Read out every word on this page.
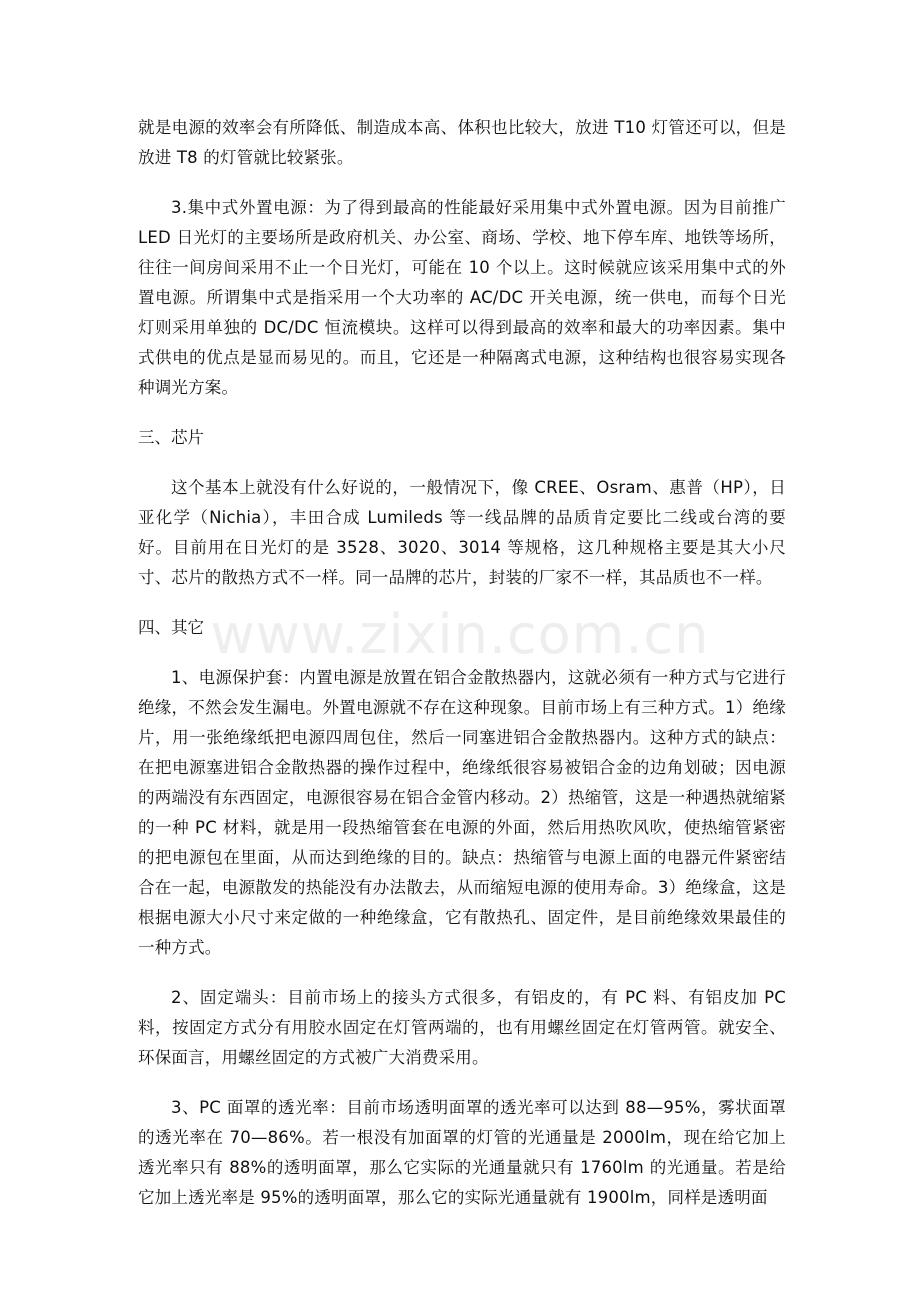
就是电源的效率会有所降低、制造成本高、体积也比较大，放进 T10 灯管还可以，但是放进 T8 的灯管就比较紧张。

3.集中式外置电源：为了得到最高的性能最好采用集中式外置电源。因为目前推广 LED 日光灯的主要场所是政府机关、办公室、商场、学校、地下停车库、地铁等场所，往往一间房间采用不止一个日光灯，可能在 10 个以上。这时候就应该采用集中式的外置电源。所谓集中式是指采用一个大功率的 AC/DC 开关电源，统一供电，而每个日光灯则采用单独的 DC/DC 恒流模块。这样可以得到最高的效率和最大的功率因素。集中式供电的优点是显而易见的。而且，它还是一种隔离式电源，这种结构也很容易实现各种调光方案。

三、芯片

这个基本上就没有什么好说的，一般情况下，像 CREE、Osram、惠普（HP），日亚化学（Nichia），丰田合成 Lumileds 等一线品牌的品质肯定要比二线或台湾的要好。目前用在日光灯的是 3528、3020、3014 等规格，这几种规格主要是其大小尺寸、芯片的散热方式不一样。同一品牌的芯片，封装的厂家不一样，其品质也不一样。

四、其它

1、电源保护套：内置电源是放置在铝合金散热器内，这就必须有一种方式与它进行绝缘，不然会发生漏电。外置电源就不存在这种现象。目前市场上有三种方式。1）绝缘片，用一张绝缘纸把电源四周包住，然后一同塞进铝合金散热器内。这种方式的缺点：在把电源塞进铝合金散热器的操作过程中，绝缘纸很容易被铝合金的边角划破；因电源的两端没有东西固定，电源很容易在铝合金管内移动。2）热缩管，这是一种遇热就缩紧的一种 PC 材料，就是用一段热缩管套在电源的外面，然后用热吹风吹，使热缩管紧密的把电源包在里面，从而达到绝缘的目的。缺点：热缩管与电源上面的电器元件紧密结合在一起，电源散发的热能没有办法散去，从而缩短电源的使用寿命。3）绝缘盒，这是根据电源大小尺寸来定做的一种绝缘盒，它有散热孔、固定件，是目前绝缘效果最佳的一种方式。

2、固定端头：目前市场上的接头方式很多，有铝皮的，有 PC 料、有铝皮加 PC 料，按固定方式分有用胶水固定在灯管两端的，也有用螺丝固定在灯管两管。就安全、环保面言，用螺丝固定的方式被广大消费采用。

3、PC 面罩的透光率：目前市场透明面罩的透光率可以达到 88—95%，雾状面罩的透光率在 70—86%。若一根没有加面罩的灯管的光通量是 2000lm，现在给它加上透光率只有 88%的透明面罩，那么它实际的光通量就只有 1760lm 的光通量。若是给它加上透光率是 95%的透明面罩，那么它的实际光通量就有 1900lm，同样是透明面

www.zixin.com.cn
